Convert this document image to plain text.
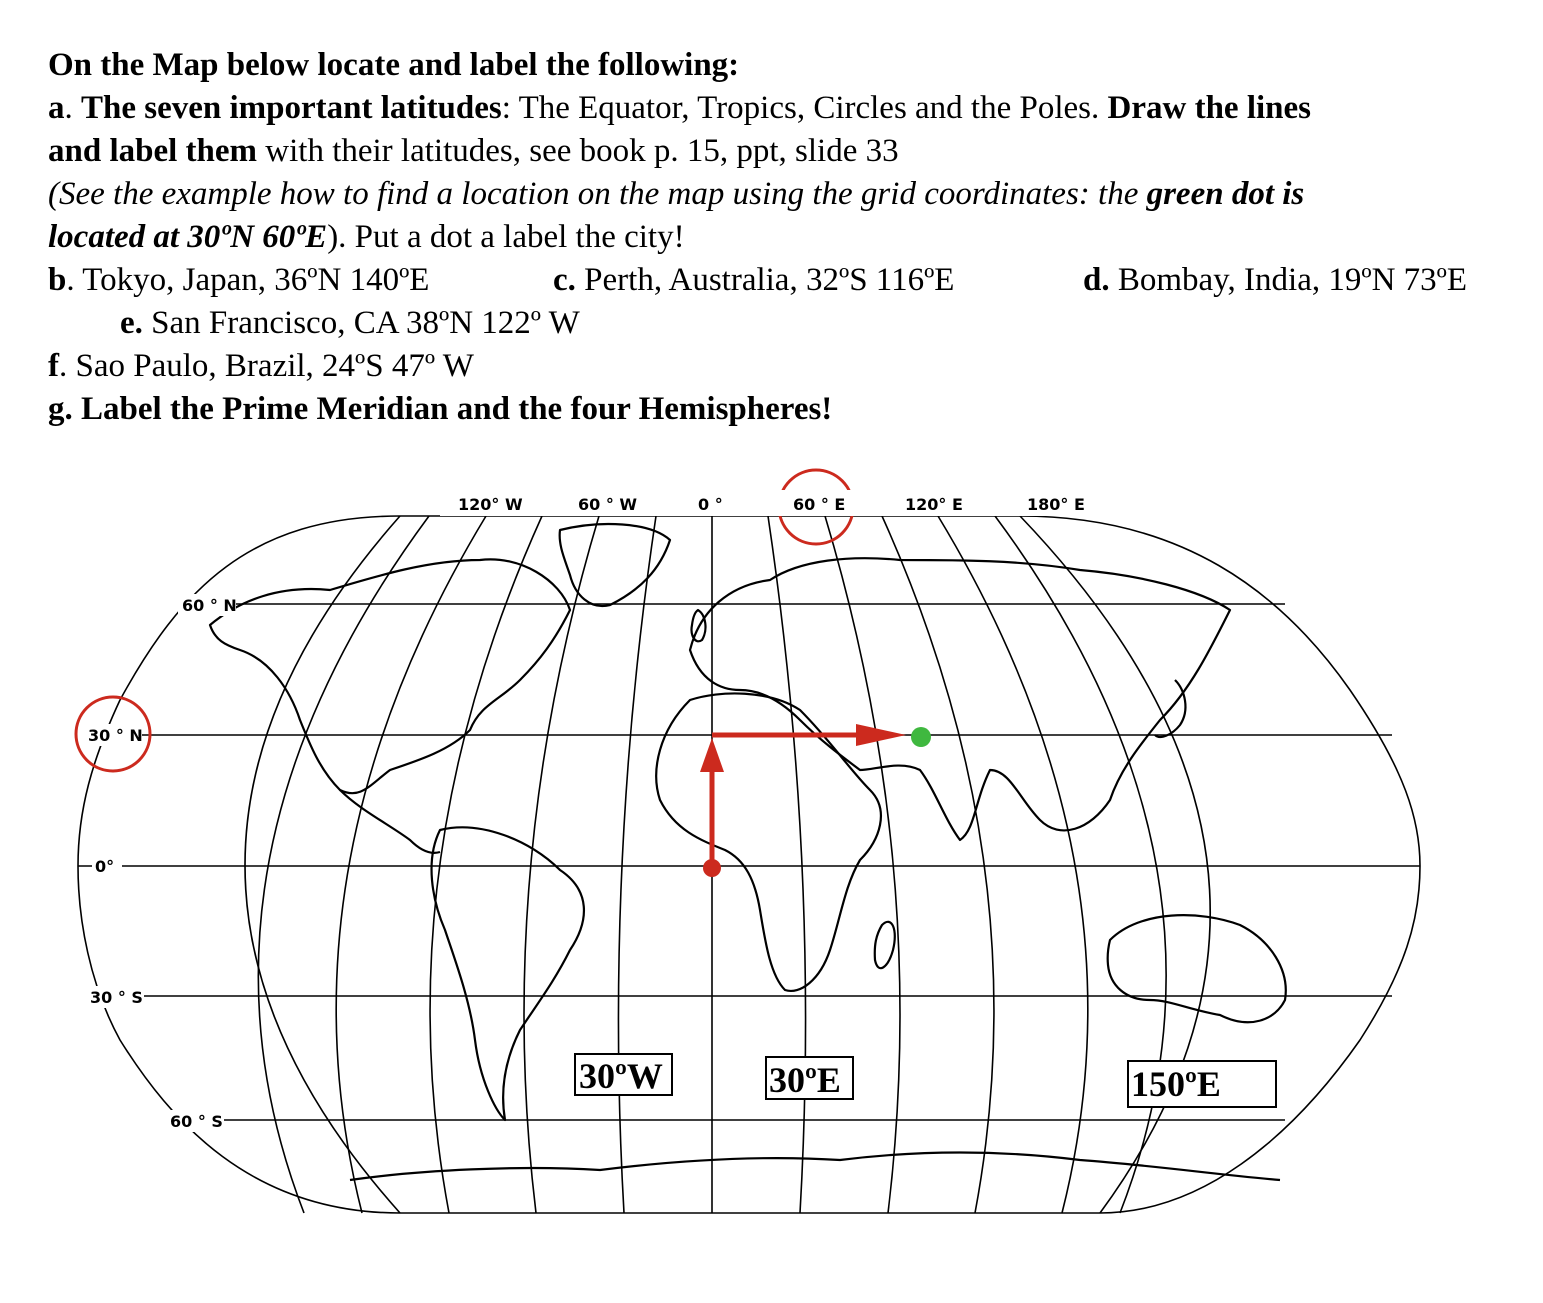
On the Map below locate and label the following:
a. The seven important latitudes: The Equator, Tropics, Circles and the Poles. Draw the lines
and label them with their latitudes, see book p. 15, ppt, slide 33
(See the example how to find a location on the map using the grid coordinates: the green dot is
located at 30ºN 60ºE). Put a dot a label the city!
b. Tokyo, Japan, 36ºN 140ºE	c. Perth, Australia, 32ºS 116ºE	d. Bombay, India, 19ºN 73ºE
e. San Francisco, CA 38ºN 122º W
f. Sao Paulo, Brazil, 24ºS 47º W
g. Label the Prime Meridian and the four Hemispheres!
120° W	60 ° W	0 °	60 ° E	120° E	180° E
60 ° N
30 ° N
0°
30 ° S
60 ° S
30ºW	30ºE	150ºE
